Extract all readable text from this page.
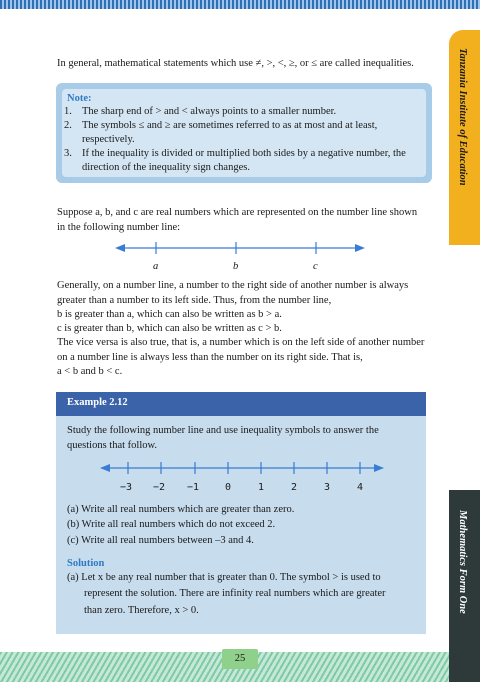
Tanzania Institute of Education
Mathematics Form One

In general, mathematical statements which use ≠, >, <, ≥, or ≤ are called inequalities.

Note:
1. The sharp end of > and < always points to a smaller number.
2. The symbols ≤ and ≥ are sometimes referred to as at most and at least, respectively.
3. If the inequality is divided or multiplied both sides by a negative number, the direction of the inequality sign changes.

Suppose a, b, and c are real numbers which are represented on the number line shown in the following number line:

a	b	c

Generally, on a number line, a number to the right side of another number is always greater than a number to its left side. Thus, from the number line,

b is greater than a, which can also be written as b > a.

c is greater than b, which can also be written as c > b.

The vice versa is also true, that is, a number which is on the left side of another number on a number line is always less than the number on its right side. That is,

a < b and b < c.

Example 2.12

Study the following number line and use inequality symbols to answer the questions that follow.

−3 −2 −1	0	1	2	3	4

(a) Write all real numbers which are greater than zero.

(b) Write all real numbers which do not exceed 2.

(c) Write all real numbers between –3 and 4.

Solution

(a) Let x be any real number that is greater than 0. The symbol > is used to

represent the solution. There are infinity real numbers which are greater

than zero. Therefore, x > 0.

25
